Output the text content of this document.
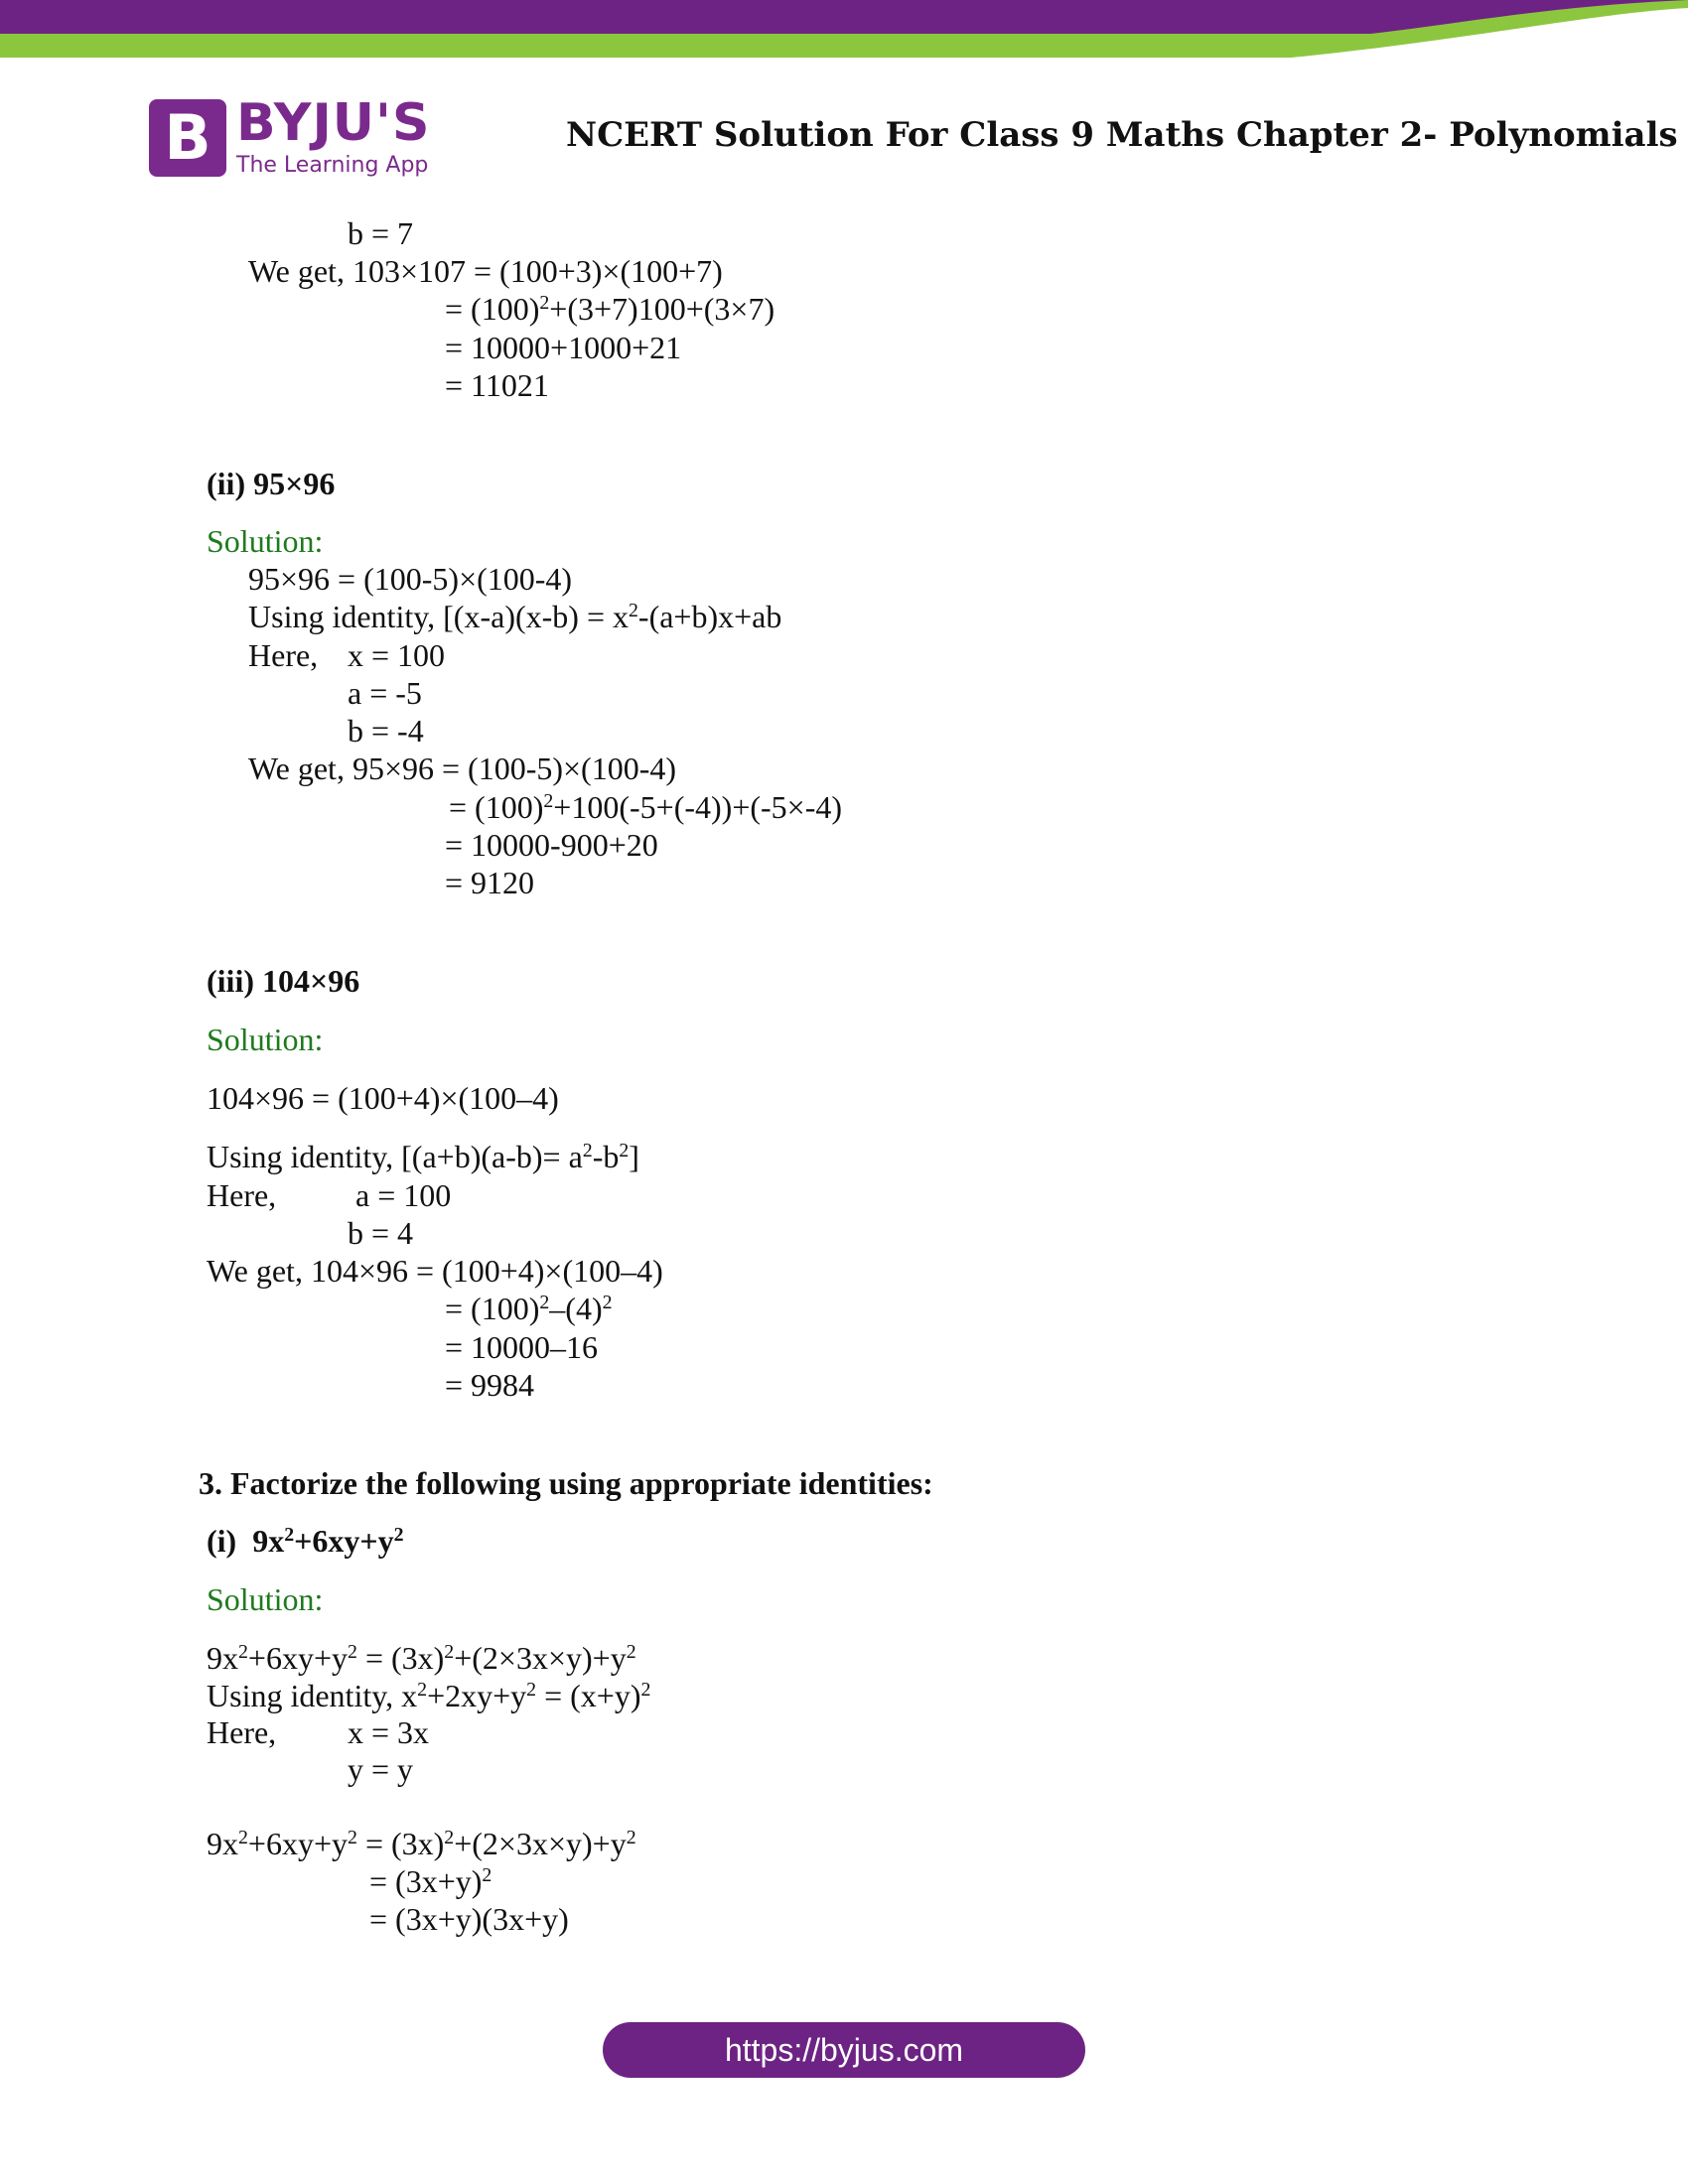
B BYJU'S
The Learning App
NCERT Solution For Class 9 Maths Chapter 2- Polynomials
b = 7
We get, 103×107 = (100+3)×(100+7)
= $(100)^2+(3+7)100+(3\times 7)$
= 10000+1000+21
= 11021
(ii) 95×96
Solution:
95×96 = (100-5)×(100-4)
Using identity, [$(x-a)(x-b) = x^2-(a+b)x+ab$
Here, x = 100
a = -5
b = -4
We get, 95×96 = (100-5)×(100-4)
= $(100)^2+100(-5+(-4))+(-5\times-4)$
= 10000-900+20
= 9120
(iii) 104×96
Solution:
104×96 = (100+4)×(100–4)
Using identity, $[(a+b)(a-b)= a^2-b^2]$
Here, a = 100
b = 4
We get, 104×96 = (100+4)×(100–4)
= $(100)^2-(4)^2$
= 10000–16
= 9984
3. Factorize the following using appropriate identities:
(i)  $9x^2+6xy+y^2$
Solution:
$9x^2+6xy+y^2 = (3x)^2+(2\times 3x\times y)+y^2$
Using identity, $x^2+2xy+y^2 = (x+y)^2$
Here, x = 3x
y = y
$9x^2+6xy+y^2 = (3x)^2+(2\times 3x\times y)+y^2$
= $(3x+y)^2$
= (3x+y)(3x+y)
https://byjus.com
